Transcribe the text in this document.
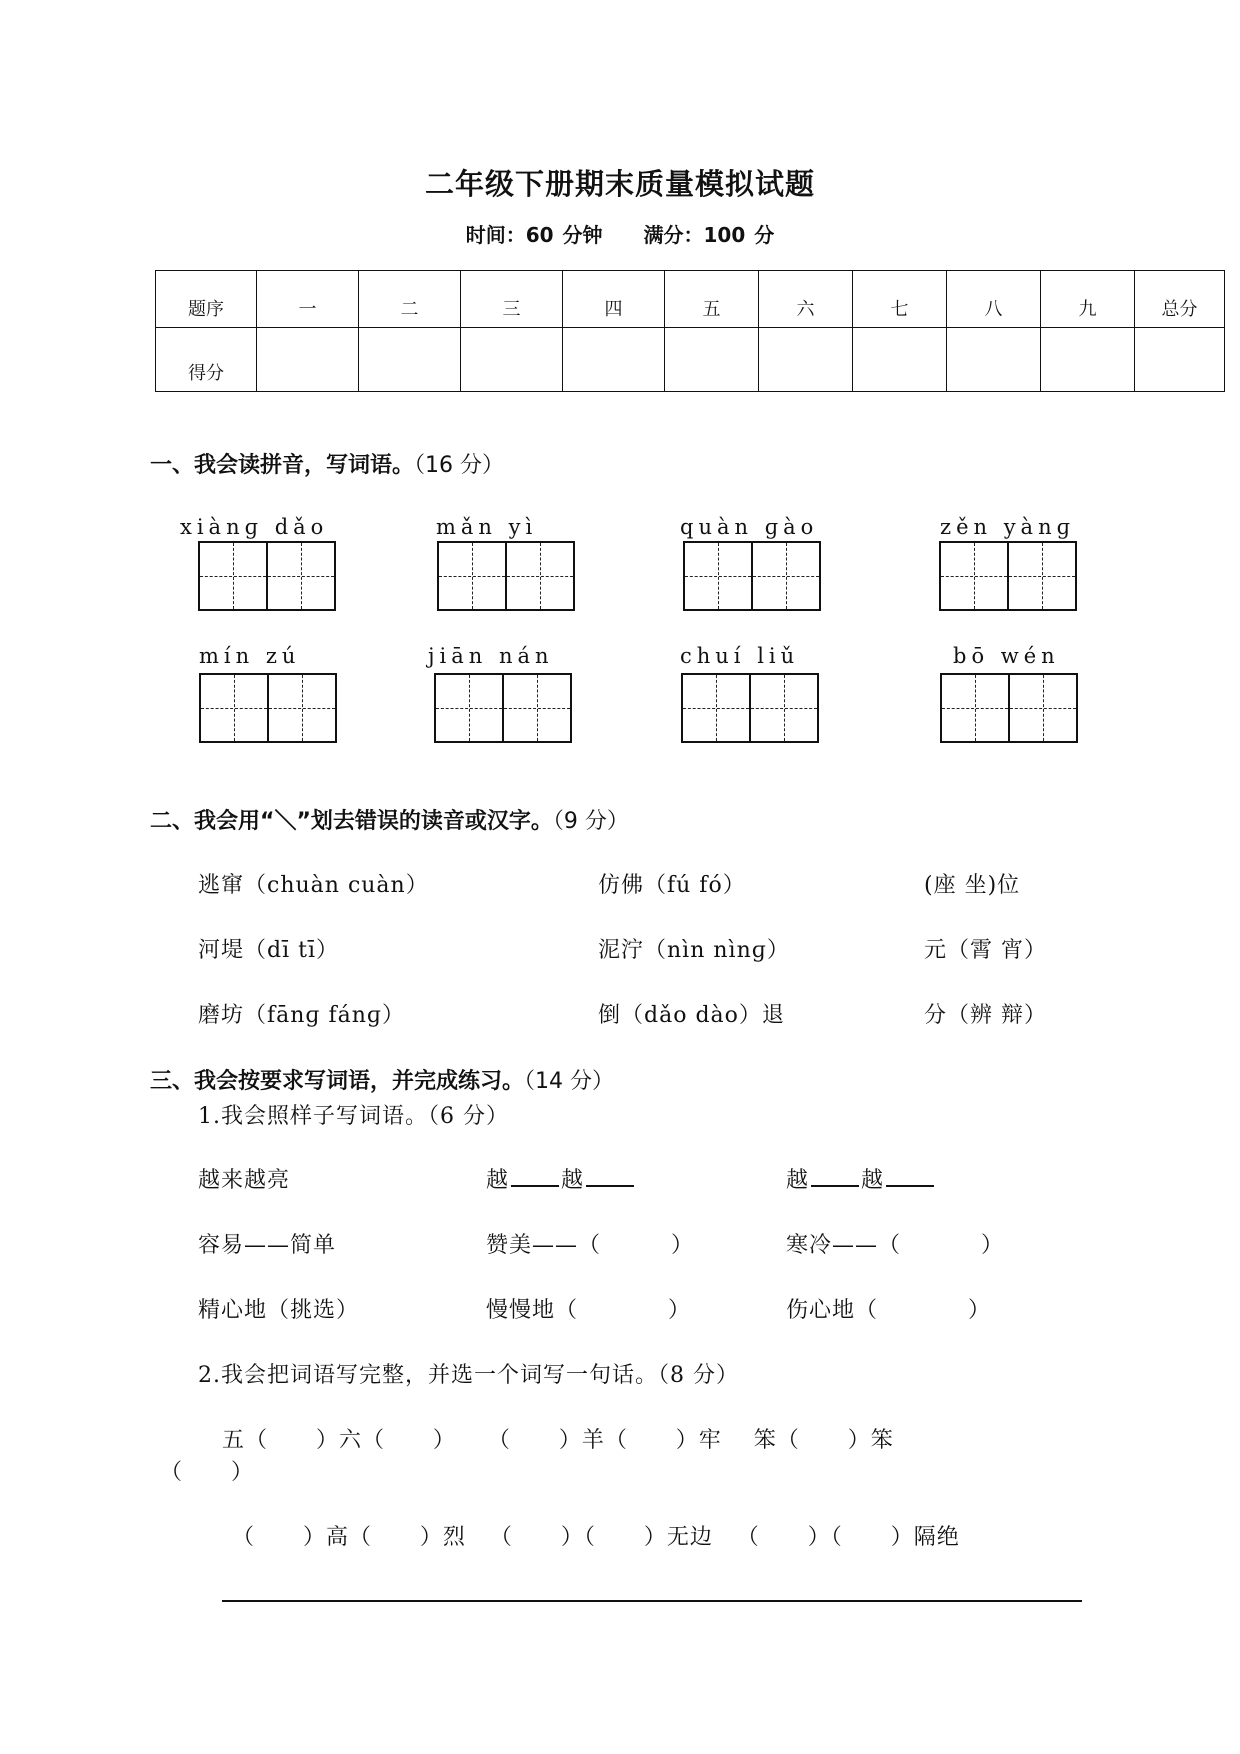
二年级下册期末质量模拟试题
时间：60 分钟 满分：100 分
题序	一	二	三	四	五	六	七	八	九	总分
得分										
一、我会读拼音，写词语。（16 分）
xiànɡ dǎo	mǎn yì	quàn ɡào	zěn yànɡ
mín zú	jiān nán	chuí liǔ	bō wén
二、我会用“＼”划去错误的读音或汉字。（9 分）
逃窜（chuàn cuàn）	仿佛（fú fó）	(座 坐)位
河堤（dī tī）	泥泞（nìn nìnɡ）	元（霄 宵）
磨坊（fānɡ fánɡ）	倒（dǎo dào）退	分（辨 辩）
三、我会按要求写词语，并完成练习。（14 分）
1.我会照样子写词语。（6 分）
越来越亮	越 越	越 越
容易——简单	赞美——（	）	寒冷——（	）
精心地（挑选）	慢慢地（	）	伤心地（	）
2.我会把词语写完整，并选一个词写一句话。（8 分）
五（      ）六（      ）    （      ）羊（      ）牢    笨（      ）笨
（      ）
（      ）高（      ）烈   （      ）（      ）无边   （      ）（      ）隔绝
